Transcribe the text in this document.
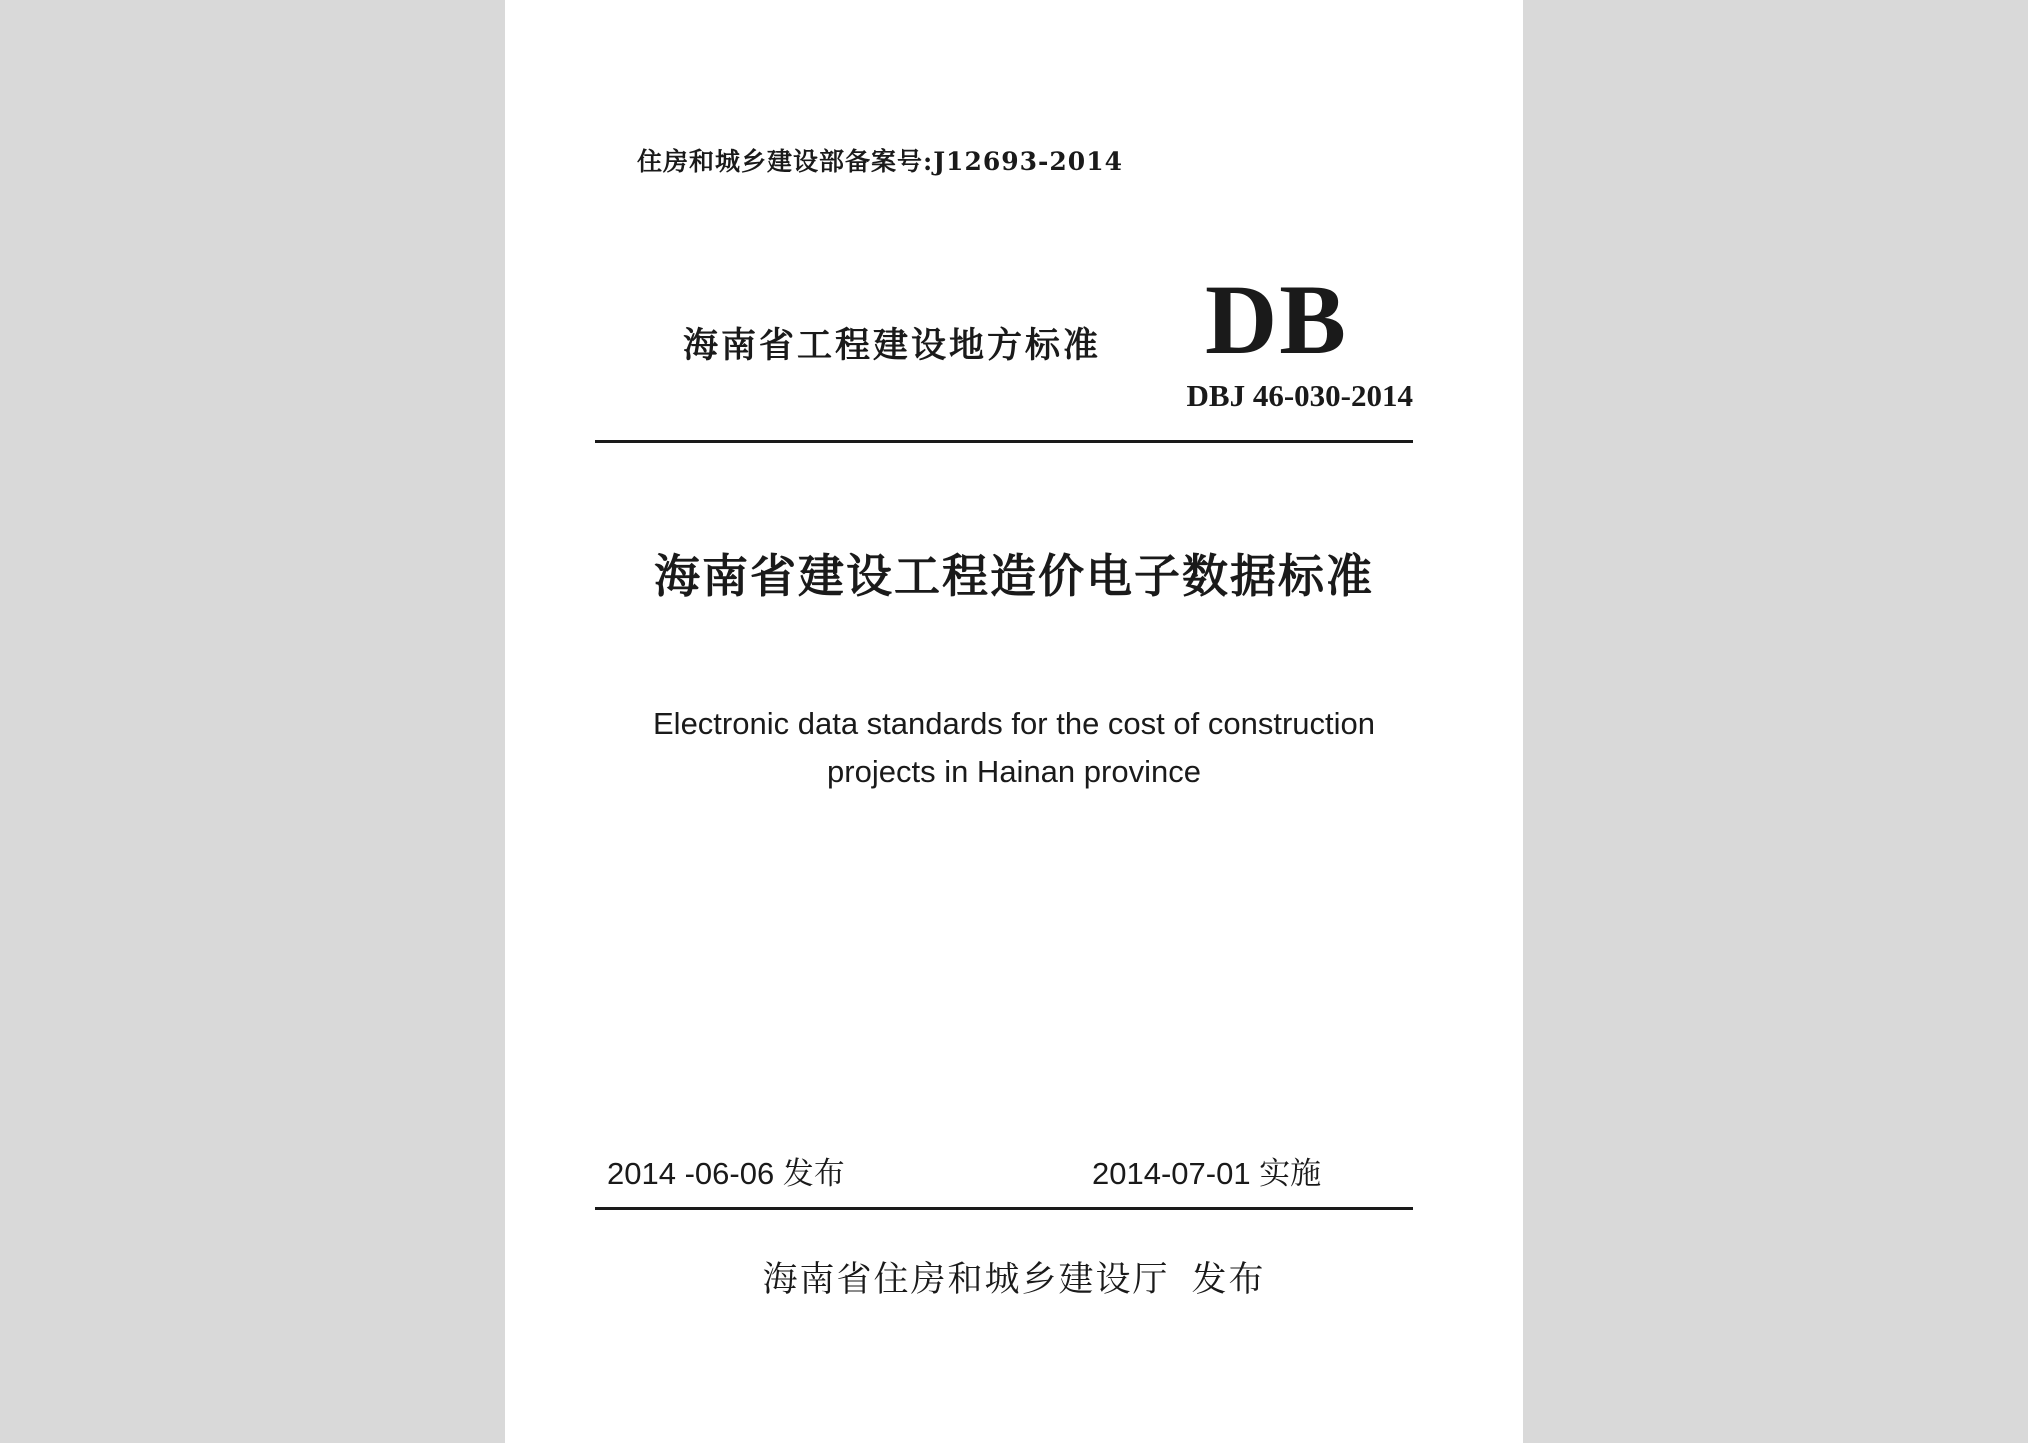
住房和城乡建设部备案号:J12693-2014
海南省工程建设地方标准 DB
DBJ 46-030-2014
海南省建设工程造价电子数据标准
Electronic data standards for the cost of construction
projects in Hainan province
2014 -06-06 发布	2014-07-01 实施
海南省住房和城乡建设厅 发布
